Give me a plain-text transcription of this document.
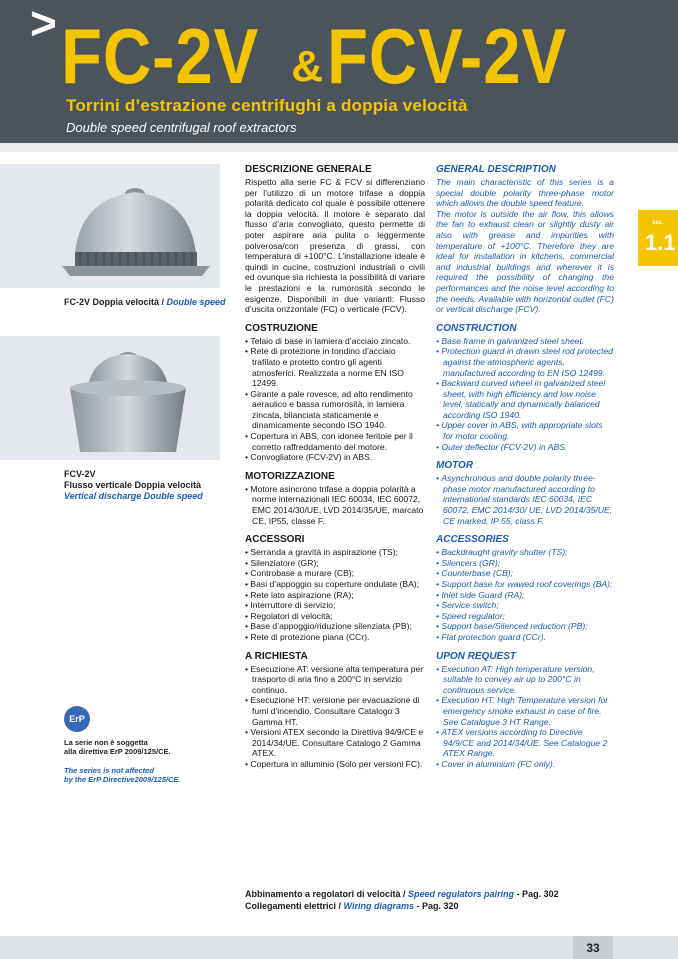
> FC-2V & FCV-2V
Torrini d’estrazione centrifughi a doppia velocità
Double speed centrifugal roof extractors
sez.
1.1
FC-2V Doppia velocità / Double speed
FCV-2V
Flusso verticale Doppia velocità
Vertical discharge Double speed
DESCRIZIONE GENERALE
Rispetto alla serie FC & FCV si differenziano per l’utilizzo di un motore trifase a doppia polarità dedicato col quale è possibile ottenere la doppia velocità. Il motore è separato dal flusso d’aria convogliato, questo permette di poter aspirare aria pulita o leggermente polverosa/con presenza di grassi, con temperatura di +100°C. L’installazione ideale è quindi in cucine, costruzioni industriali o civili ed ovunque sia richiesta la possibilità di variare le prestazioni e la rumorosità secondo le esigenze. Disponibili in due varianti: Flusso d’uscita orizzontale (FC) o verticale (FCV).
COSTRUZIONE
• Telaio di base in lamiera d’acciaio zincato.
• Rete di protezione in tondino d’acciaio trafilato e protetto contro gli agenti atmosferici. Realizzata a norme EN ISO 12499.
• Girante a pale rovesce, ad alto rendimento aeraulico e bassa rumorosità, in lamiera zincata, bilanciata staticamente e dinamicamente secondo ISO 1940.
• Copertura in ABS, con idonee feritoie per il corretto raffreddamento del motore.
• Convogliatore (FCV-2V) in ABS.
MOTORIZZAZIONE
• Motore asincrono trifase a doppia polarità a norme internazionali IEC 60034, IEC 60072, EMC 2014/30/UE, LVD 2014/35/UE, marcato CE, IP55, classe F.
ACCESSORI
• Serranda a gravità in aspirazione (TS);
• Silenziatore (GR);
• Controbase a murare (CB);
• Basi d’appoggio su coperture ondulate (BA);
• Rete lato aspirazione (RA);
• Interruttore di servizio;
• Regolatori di velocità;
• Base d’appoggio/riduzione silenziata (PB);
• Rete di protezione piana (CCr).
A RICHIESTA
• Esecuzione AT: versione alta temperatura per trasporto di aria fino a 200°C in servizio continuo.
• Esecuzione HT: versione per evacuazione di fumi d’incendio. Consultare Catalogo 3 Gamma HT.
• Versioni ATEX secondo la Direttiva 94/9/CE e 2014/34/UE. Consultare Catalogo 2 Gamma ATEX.
• Copertura in alluminio (Solo per versioni FC).
GENERAL DESCRIPTION
The main characteristic of this series is a special double polarity three-phase motor which allows the double speed feature.
The motor is outside the air flow, this allows the fan to exhaust clean or slightly dusty air also with grease and impurities with temperature of +100°C. Therefore they are ideal for installation in kitchens, commercial and industrial buildings and wherever it is required the possibility of changing the performances and the noise level according to the needs. Available with horizontal outlet (FC) or vertical discharge (FCV).
CONSTRUCTION
• Base frame in galvanized steel sheet.
• Protection guard in drawn steel rod protected against the atmospheric agents, manufactured according to EN ISO 12499.
• Backward curved wheel in galvanized steel sheet, with high efficiency and low noise level, statically and dynamically balanced according ISO 1940.
• Upper cover in ABS, with appropriate slots for motor cooling.
• Outer deflector (FCV-2V) in ABS.
MOTOR
• Asynchronous and double polarity three-phase motor manufactured according to international standards IEC 60034, IEC 60072, EMC 2014/30/ UE, LVD 2014/35/UE, CE marked, IP 55, class F.
ACCESSORIES
• Backdraught gravity shutter (TS);
• Silencers (GR);
• Counterbase (CB);
• Support base for wawed roof coverings (BA);
• Inlet side Guard (RA);
• Service switch;
• Speed regulator;
• Support base/Silenced reduction (PB);
• Flat protection guard (CCr).
UPON REQUEST
• Execution AT: High temperature version, suitable to convey air up to 200°C in continuous service.
• Execution HT: High Temperature version for emergency smoke exhaust in case of fire. See Catalogue 3 HT Range.
• ATEX versions according to Directive 94/9/CE and 2014/34/UE. See Catalogue 2 ATEX Range.
• Cover in aluminium (FC only).
ErP
La serie non è soggetta
alla direttiva ErP 2009/125/CE.
The series is not affected
by the ErP Directive2009/125/CE.
Abbinamento a regolatori di velocità / Speed regulators pairing - Pag. 302
Collegamenti elettrici / Wiring diagrams - Pag. 320
33
